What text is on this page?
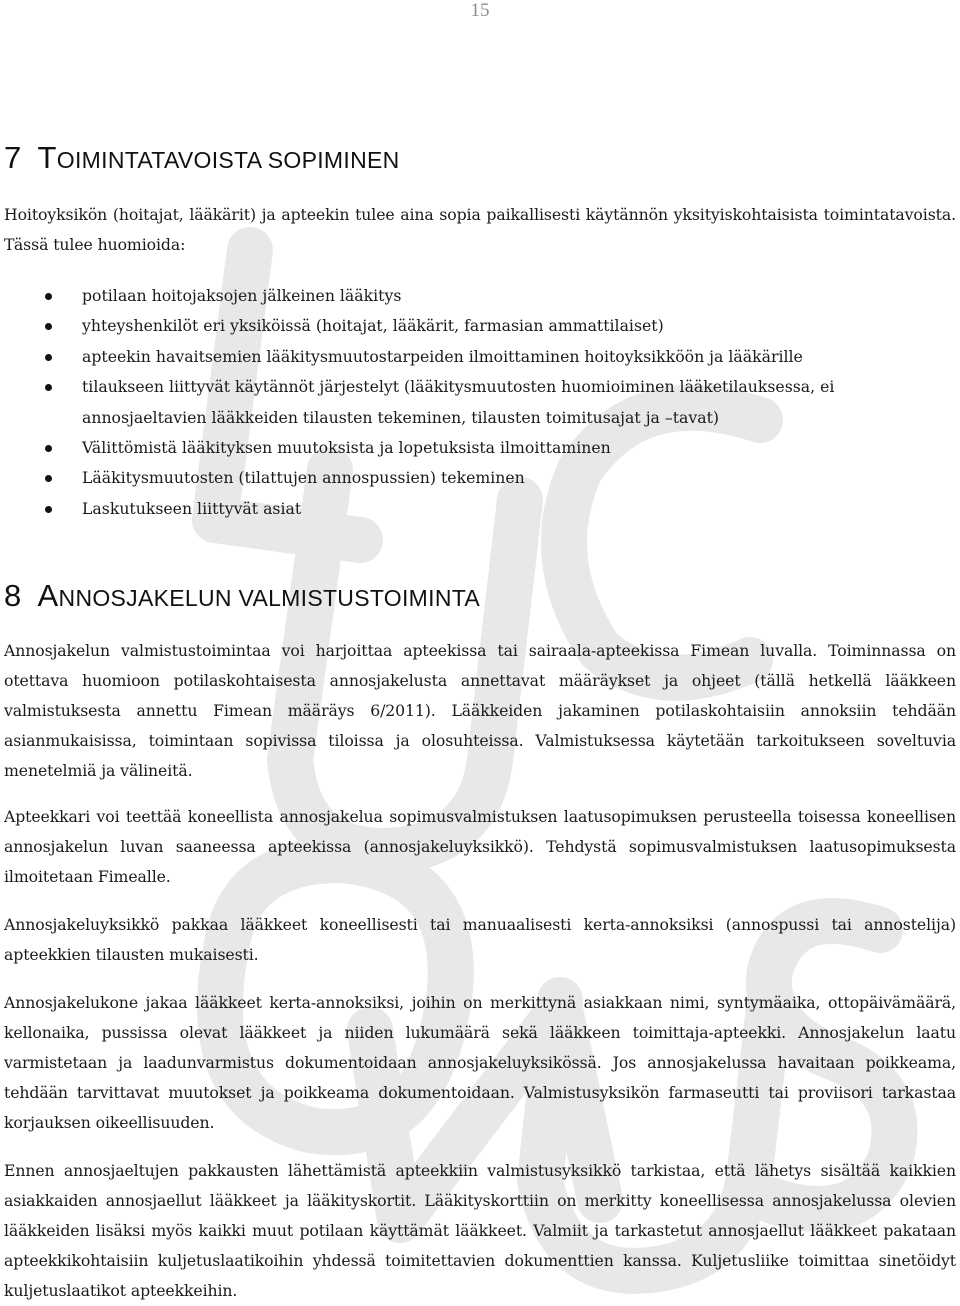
15
7 TOIMINTATAVOISTA SOPIMINEN

Hoitoyksikön (hoitajat, lääkärit) ja apteekin tulee aina sopia paikallisesti käytännön yksityiskohtaisista toimintatavoista. Tässä tulee huomioida:

potilaan hoitojaksojen jälkeinen lääkitys
yhteyshenkilöt eri yksiköissä (hoitajat, lääkärit, farmasian ammattilaiset)
apteekin havaitsemien lääkitysmuutostarpeiden ilmoittaminen hoitoyksikköön ja lääkärille
tilaukseen liittyvät käytännöt järjestelyt (lääkitysmuutosten huomioiminen lääketilauksessa, ei annosjaeltavien lääkkeiden tilausten tekeminen, tilausten toimitusajat ja –tavat)
Välittömistä lääkityksen muutoksista ja lopetuksista ilmoittaminen
Lääkitysmuutosten (tilattujen annospussien) tekeminen
Laskutukseen liittyvät asiat
8 ANNOSJAKELUN VALMISTUSTOIMINTA

Annosjakelun valmistustoimintaa voi harjoittaa apteekissa tai sairaala-apteekissa Fimean luvalla. Toiminnassa on otettava huomioon potilaskohtaisesta annosjakelusta annettavat määräykset ja ohjeet (tällä hetkellä lääkkeen valmistuksesta annettu Fimean määräys 6/2011). Lääkkeiden jakaminen potilaskohtaisiin annoksiin tehdään asianmukaisissa, toimintaan sopivissa tiloissa ja olosuhteissa. Valmistuksessa käytetään tarkoitukseen soveltuvia menetelmiä ja välineitä.

Apteekkari voi teettää koneellista annosjakelua sopimusvalmistuksen laatusopimuksen perusteella toisessa koneellisen annosjakelun luvan saaneessa apteekissa (annosjakeluyksikkö). Tehdystä sopimusvalmistuksen laatusopimuksesta ilmoitetaan Fimealle.

Annosjakeluyksikkö pakkaa lääkkeet koneellisesti tai manuaalisesti kerta-annoksiksi (annospussi tai annostelija) apteekkien tilausten mukaisesti.

Annosjakelukone jakaa lääkkeet kerta-annoksiksi, joihin on merkittynä asiakkaan nimi, syntymäaika, ottopäivämäärä, kellonaika, pussissa olevat lääkkeet ja niiden lukumäärä sekä lääkkeen toimittaja-apteekki. Annosjakelun laatu varmistetaan ja laadunvarmistus dokumentoidaan annosjakeluyksikössä. Jos annosjakelussa havaitaan poikkeama, tehdään tarvittavat muutokset ja poikkeama dokumentoidaan. Valmistusyksikön farmaseutti tai proviisori tarkastaa korjauksen oikeellisuuden.

Ennen annosjaeltujen pakkausten lähettämistä apteekkiin valmistusyksikkö tarkistaa, että lähetys sisältää kaikkien asiakkaiden annosjaellut lääkkeet ja lääkityskortit. Lääkityskorttiin on merkitty koneellisessa annosjakelussa olevien lääkkeiden lisäksi myös kaikki muut potilaan käyttämät lääkkeet. Valmiit ja tarkastetut annosjaellut lääkkeet pakataan apteekkikohtaisiin kuljetuslaatikoihin yhdessä toimitettavien dokumenttien kanssa. Kuljetusliike toimittaa sinetöidyt kuljetuslaatikot apteekkeihin.
